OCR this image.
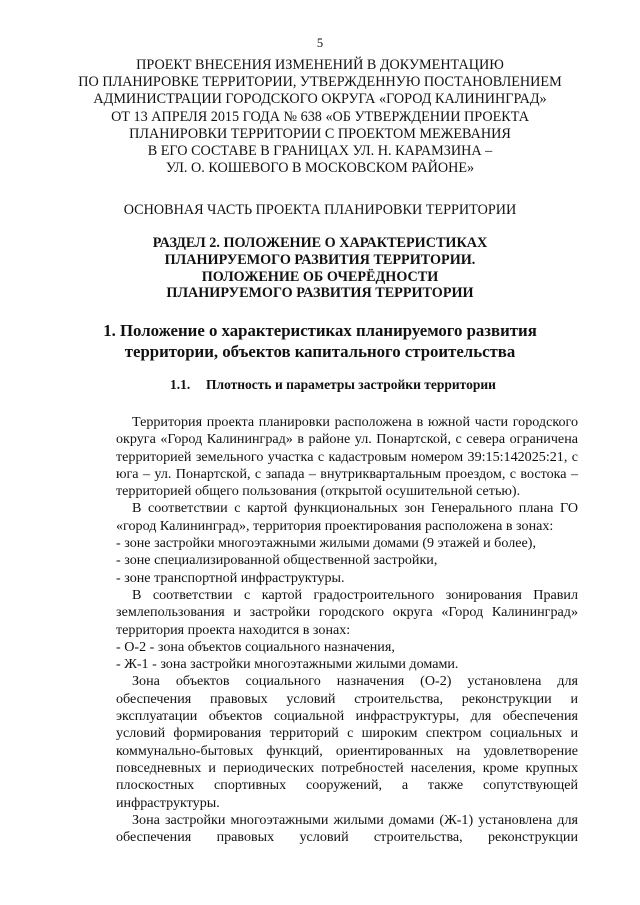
5
ПРОЕКТ ВНЕСЕНИЯ ИЗМЕНЕНИЙ В ДОКУМЕНТАЦИЮ
ПО ПЛАНИРОВКЕ ТЕРРИТОРИИ, УТВЕРЖДЕННУЮ ПОСТАНОВЛЕНИЕМ
АДМИНИСТРАЦИИ ГОРОДСКОГО ОКРУГА «ГОРОД КАЛИНИНГРАД»
ОТ 13 АПРЕЛЯ 2015 ГОДА № 638 «ОБ УТВЕРЖДЕНИИ ПРОЕКТА
ПЛАНИРОВКИ ТЕРРИТОРИИ С ПРОЕКТОМ МЕЖЕВАНИЯ
В ЕГО СОСТАВЕ В ГРАНИЦАХ УЛ. Н. КАРАМЗИНА –
УЛ. О. КОШЕВОГО В МОСКОВСКОМ РАЙОНЕ»
ОСНОВНАЯ ЧАСТЬ ПРОЕКТА ПЛАНИРОВКИ ТЕРРИТОРИИ
РАЗДЕЛ 2. ПОЛОЖЕНИЕ О ХАРАКТЕРИСТИКАХ
ПЛАНИРУЕМОГО РАЗВИТИЯ ТЕРРИТОРИИ.
ПОЛОЖЕНИЕ ОБ ОЧЕРЁДНОСТИ
ПЛАНИРУЕМОГО РАЗВИТИЯ ТЕРРИТОРИИ
1. Положение о характеристиках планируемого развития
территории, объектов капитального строительства
1.1. Плотность и параметры застройки территории

Территория проекта планировки расположена в южной части городского округа «Город Калининград» в районе ул. Понартской, с севера ограничена территорией земельного участка с кадастровым номером 39:15:142025:21, с юга – ул. Понартской, с запада – внутриквартальным проездом, с востока – территорией общего пользования (открытой осушительной сетью).

В соответствии с картой функциональных зон Генерального плана ГО «город Калининград», территория проектирования расположена в зонах:

- зоне застройки многоэтажными жилыми домами (9 этажей и более),

- зоне специализированной общественной застройки,

- зоне транспортной инфраструктуры.

В соответствии с картой градостроительного зонирования Правил землепользования и застройки городского округа «Город Калининград» территория проекта находится в зонах:

- О-2 - зона объектов социального назначения,

- Ж-1 - зона застройки многоэтажными жилыми домами.

Зона объектов социального назначения (О-2) установлена для обеспечения правовых условий строительства, реконструкции и эксплуатации объектов социальной инфраструктуры, для обеспечения условий формирования территорий с широким спектром социальных и коммунально-бытовых функций, ориентированных на удовлетворение повседневных и периодических потребностей населения, кроме крупных плоскостных спортивных сооружений, а также сопутствующей инфраструктуры.

Зона застройки многоэтажными жилыми домами (Ж-1) установлена для обеспечения правовых условий строительства, реконструкции
